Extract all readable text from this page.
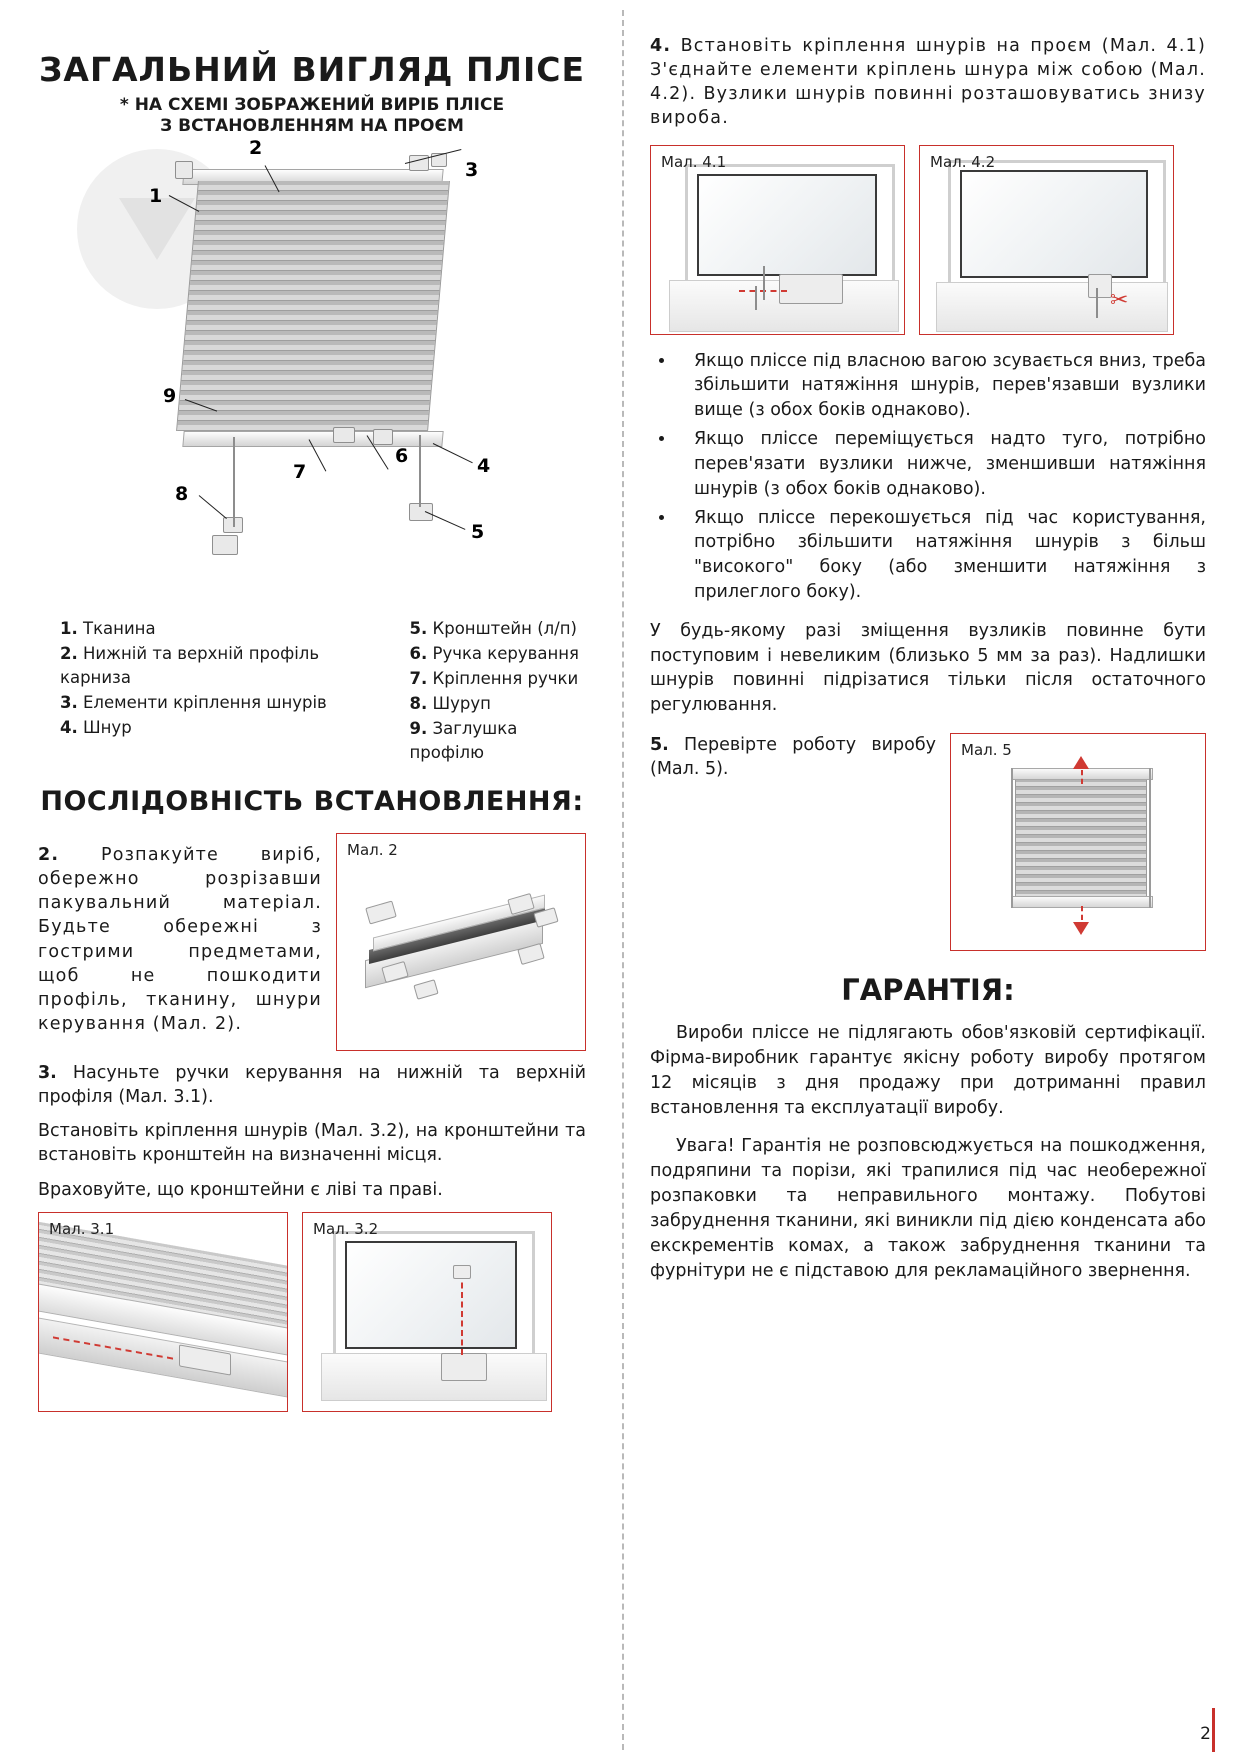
ЗАГАЛЬНИЙ ВИГЛЯД ПЛІСЕ
* НА СХЕМІ ЗОБРАЖЕНИЙ ВИРІБ ПЛІСЕ
З ВСТАНОВЛЕННЯМ НА ПРОЄМ
1
2
3
9
7
6	4
8
5
1. Тканина
2. Нижній та верхній профіль карниза
3. Елементи кріплення шнурів
4. Шнур
5. Кронштейн (л/п)
6. Ручка керування
7. Кріплення ручки
8. Шуруп
9. Заглушка профілю
ПОСЛІДОВНІСТЬ ВСТАНОВЛЕННЯ:

2. Розпакуйте виріб, обережно розрізавши пакувальний матеріал. Будьте обережні з гострими предметами, щоб не пошкодити профіль, тканину, шнури керування (Мал. 2).

Мал. 2

3. Насуньте ручки керування на нижній та верхній профіля (Мал. 3.1).

Встановіть кріплення шнурів (Мал. 3.2), на кронштейни та встановіть кронштейн на визначенні місця.

Враховуйте, що кронштейни є ліві та праві.

Мал. 3.1	Мал. 3.2

4. Встановіть кріплення шнурів на проєм (Мал. 4.1) З'єднайте елементи кріплень шнура між собою (Мал. 4.2). Вузлики шнурів повинні розташовуватись знизу виробa.

Мал. 4.1	Мал. 4.2
✂
• Якщо пліссе під власною вагою зсувається вниз, треба збільшити натяжіння шнурів, перев'язавши вузлики вище (з обох боків однаково).
• Якщо пліссе переміщується надто туго, потрібно перев'язати вузлики нижче, зменшивши натяжіння шнурів (з обох боків однаково).
• Якщо пліссе перекошується під час користування, потрібно збільшити натяжіння шнурів з більш "високого" боку (або зменшити натяжіння з прилеглого боку).

У будь-якому разі зміщення вузликів повинне бути поступовим і невеликим (близько 5 мм за раз). Надлишки шнурів повинні підрізатися тільки після остаточного регулювання.

5. Перевірте роботу виробу (Мал. 5).

Мал. 5
ГАРАНТІЯ:

Вироби пліссе не підлягають обов'язковій сертифікації. Фірма-виробник гарантує якісну роботу виробу протягом 12 місяців з дня продажу при дотриманні правил встановлення та експлуатації виробу.

Увага! Гарантія не розповсюджується на пошкодження, подряпини та порізи, які трапилися під час необережної розпаковки та неправильного монтажу. Побутові забруднення тканини, які виникли під дією конденсата або екскрементів комах, а також забруднення тканини та фурнітури не є підставою для рекламаційного звернення.

2
